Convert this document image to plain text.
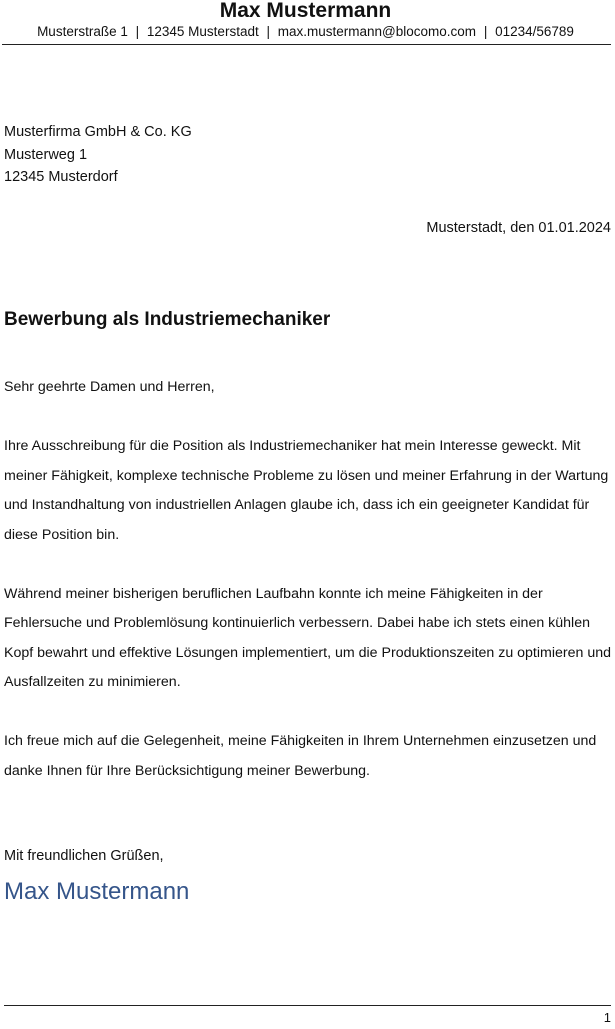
Max Mustermann
Musterstraße 1 | 12345 Musterstadt | max.mustermann@blocomo.com | 01234/56789
Musterfirma GmbH & Co. KG
Musterweg 1
12345 Musterdorf
Musterstadt, den 01.01.2024
Bewerbung als Industriemechaniker

Sehr geehrte Damen und Herren,

Ihre Ausschreibung für die Position als Industriemechaniker hat mein Interesse geweckt. Mit meiner Fähigkeit, komplexe technische Probleme zu lösen und meiner Erfahrung in der Wartung und Instandhaltung von industriellen Anlagen glaube ich, dass ich ein geeigneter Kandidat für diese Position bin.

Während meiner bisherigen beruflichen Laufbahn konnte ich meine Fähigkeiten in der Fehlersuche und Problemlösung kontinuierlich verbessern. Dabei habe ich stets einen kühlen Kopf bewahrt und effektive Lösungen implementiert, um die Produktionszeiten zu optimieren und Ausfallzeiten zu minimieren.

Ich freue mich auf die Gelegenheit, meine Fähigkeiten in Ihrem Unternehmen einzusetzen und danke Ihnen für Ihre Berücksichtigung meiner Bewerbung.

Mit freundlichen Grüßen,
Max Mustermann
1
